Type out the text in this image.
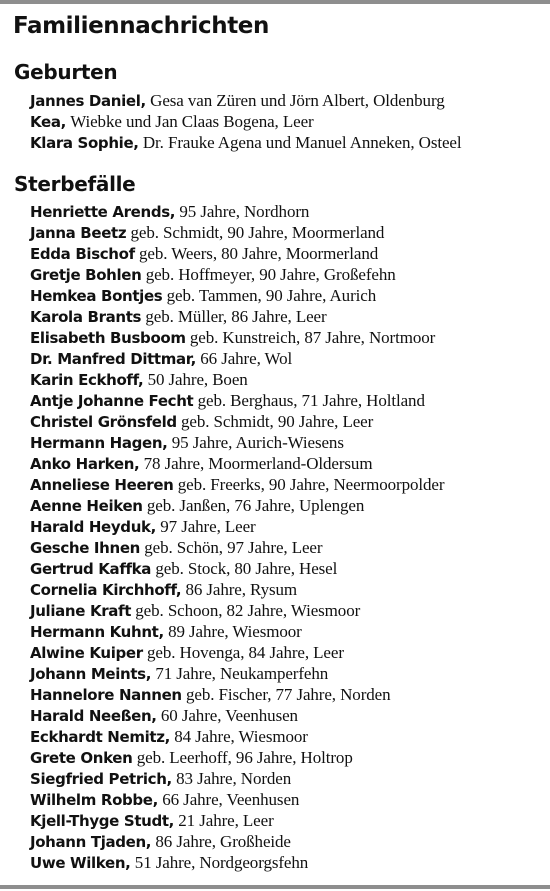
Familiennachrichten
Geburten
Jannes Daniel, Gesa van Züren und Jörn Albert, Oldenburg
Kea, Wiebke und Jan Claas Bogena, Leer
Klara Sophie, Dr. Frauke Agena und Manuel Anneken, Osteel
Sterbefälle
Henriette Arends, 95 Jahre, Nordhorn
Janna Beetz geb. Schmidt, 90 Jahre, Moormerland
Edda Bischof geb. Weers, 80 Jahre, Moormerland
Gretje Bohlen geb. Hoffmeyer, 90 Jahre, Großefehn
Hemkea Bontjes geb. Tammen, 90 Jahre, Aurich
Karola Brants geb. Müller, 86 Jahre, Leer
Elisabeth Busboom geb. Kunstreich, 87 Jahre, Nortmoor
Dr. Manfred Dittmar, 66 Jahre, Wol
Karin Eckhoff, 50 Jahre, Boen
Antje Johanne Fecht geb. Berghaus, 71 Jahre, Holtland
Christel Grönsfeld geb. Schmidt, 90 Jahre, Leer
Hermann Hagen, 95 Jahre, Aurich-Wiesens
Anko Harken, 78 Jahre, Moormerland-Oldersum
Anneliese Heeren geb. Freerks, 90 Jahre, Neermoorpolder
Aenne Heiken geb. Janßen, 76 Jahre, Uplengen
Harald Heyduk, 97 Jahre, Leer
Gesche Ihnen geb. Schön, 97 Jahre, Leer
Gertrud Kaffka geb. Stock, 80 Jahre, Hesel
Cornelia Kirchhoff, 86 Jahre, Rysum
Juliane Kraft geb. Schoon, 82 Jahre, Wiesmoor
Hermann Kuhnt, 89 Jahre, Wiesmoor
Alwine Kuiper geb. Hovenga, 84 Jahre, Leer
Johann Meints, 71 Jahre, Neukamperfehn
Hannelore Nannen geb. Fischer, 77 Jahre, Norden
Harald Neeßen, 60 Jahre, Veenhusen
Eckhardt Nemitz, 84 Jahre, Wiesmoor
Grete Onken geb. Leerhoff, 96 Jahre, Holtrop
Siegfried Petrich, 83 Jahre, Norden
Wilhelm Robbe, 66 Jahre, Veenhusen
Kjell-Thyge Studt, 21 Jahre, Leer
Johann Tjaden, 86 Jahre, Großheide
Uwe Wilken, 51 Jahre, Nordgeorgsfehn
